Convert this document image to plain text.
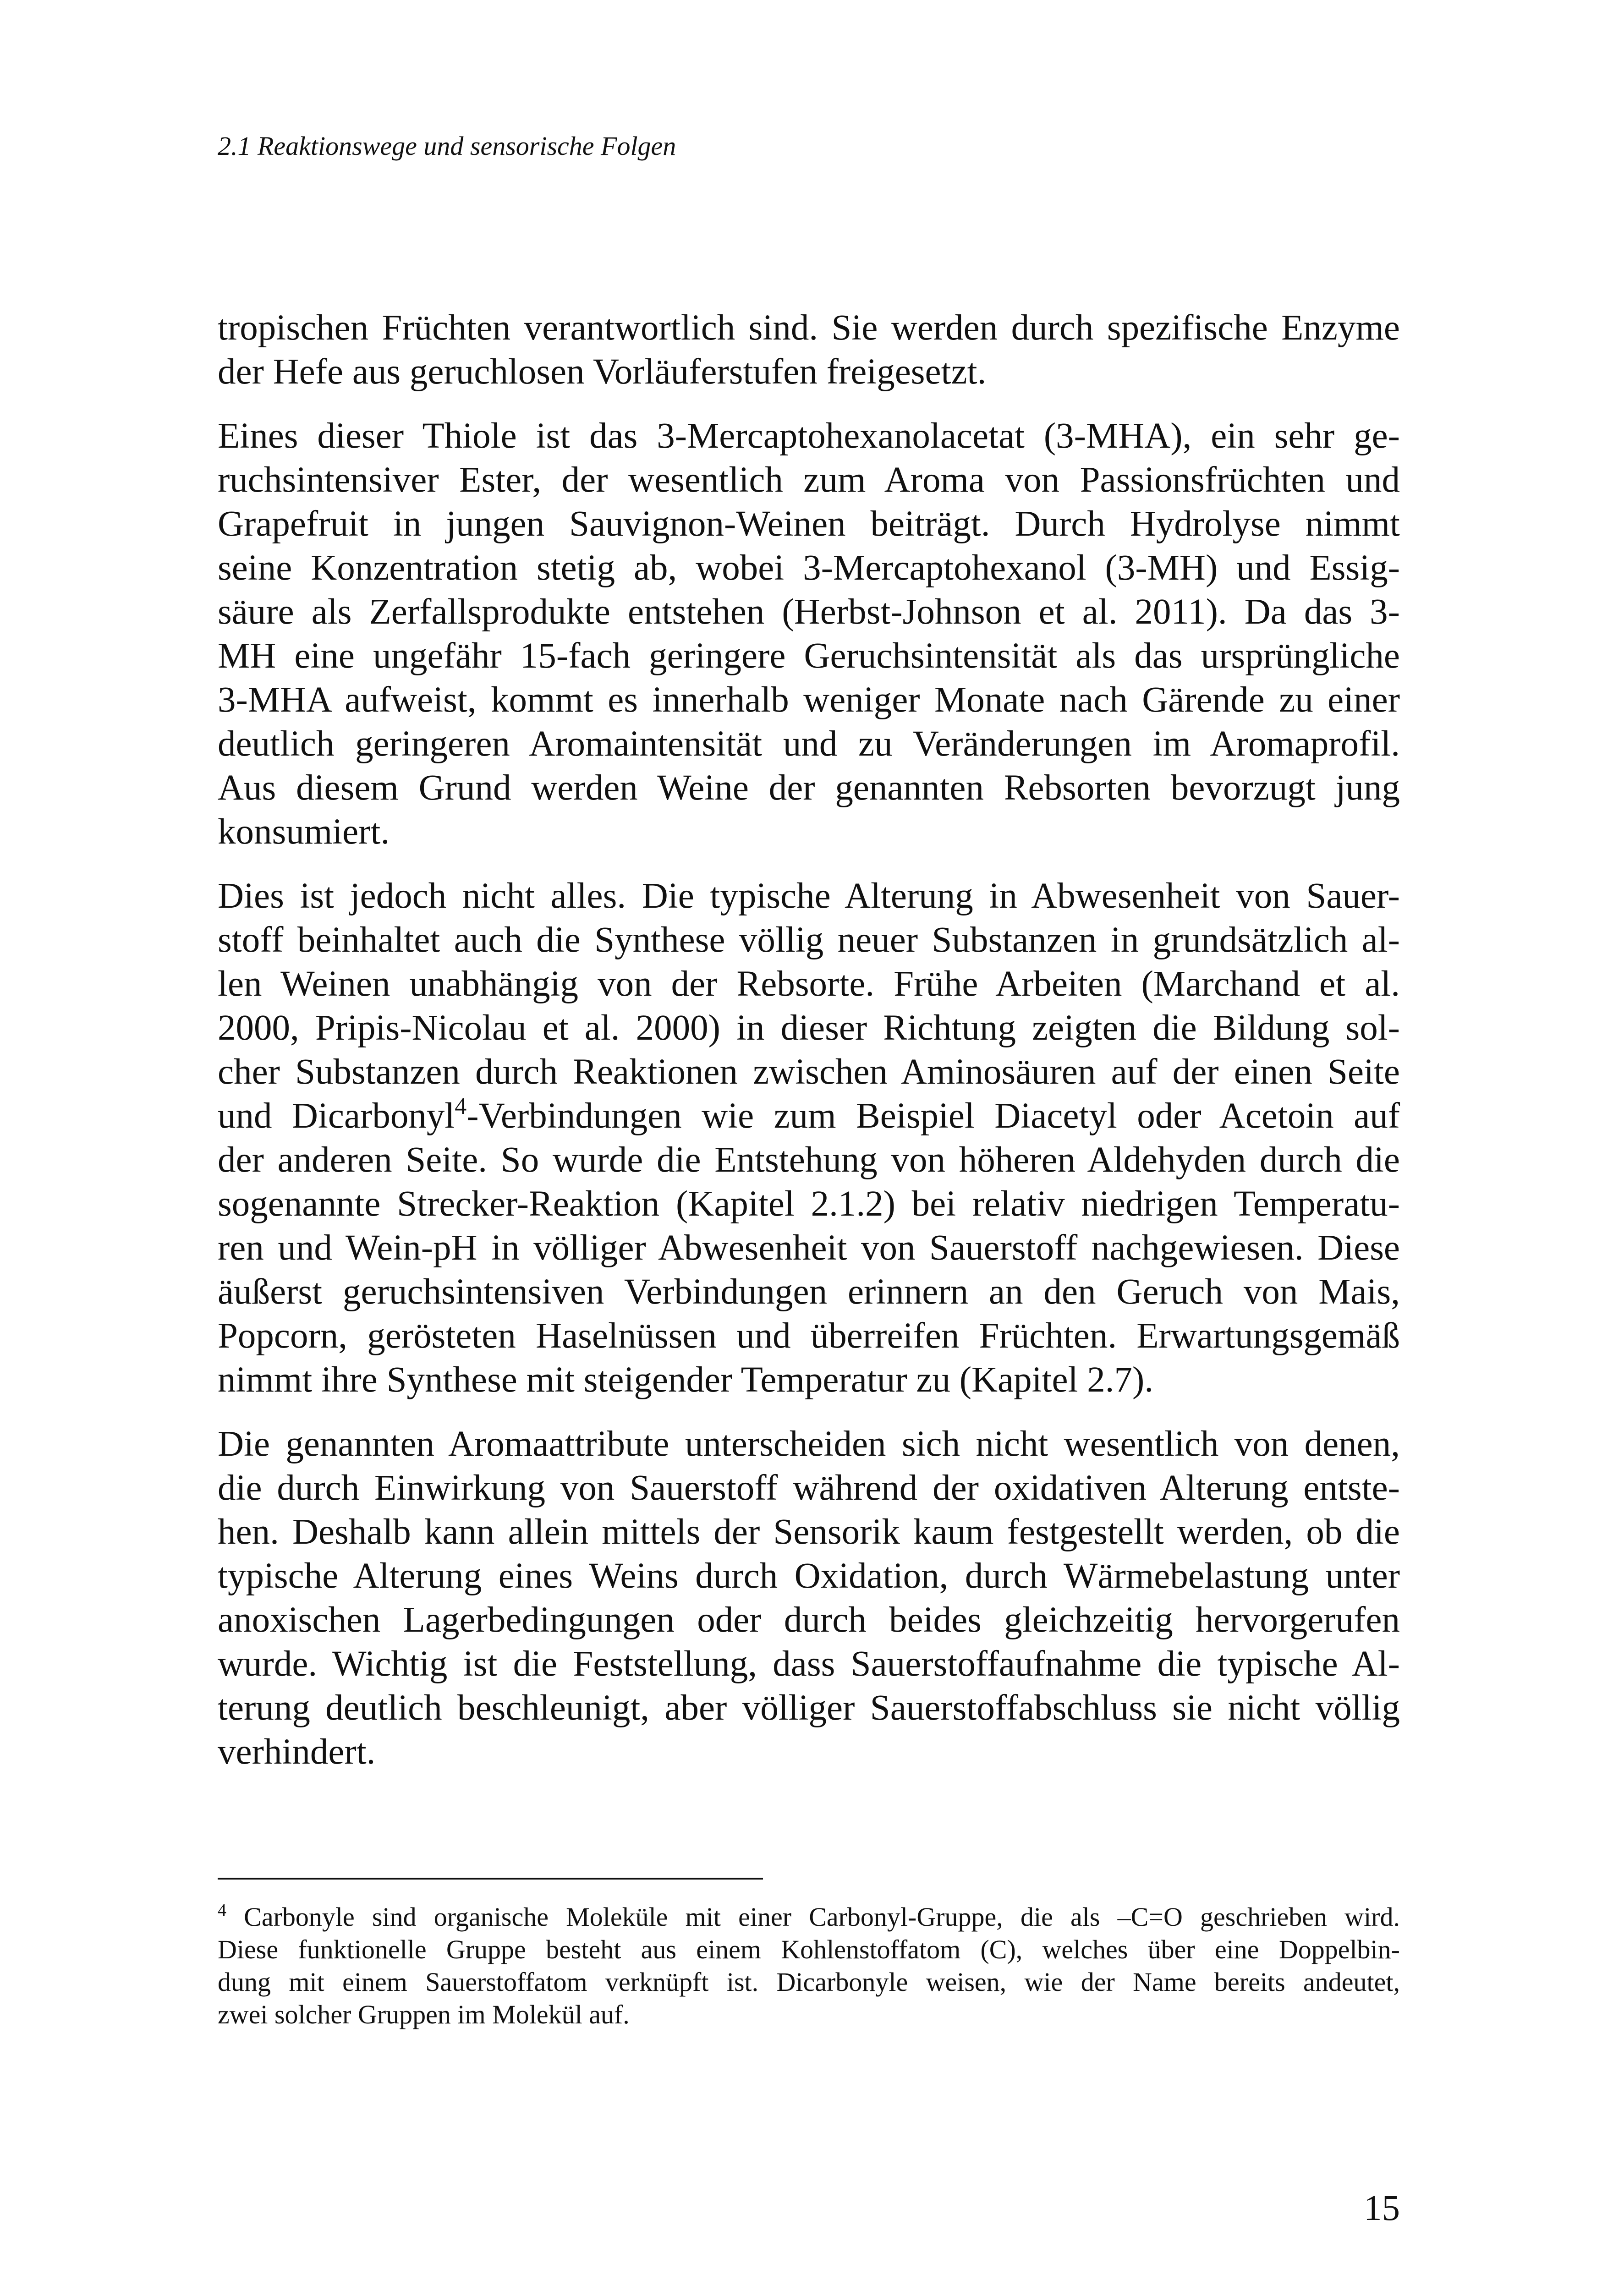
2.1 Reaktionswege und sensorische Folgen
tropischen Früchten verantwortlich sind. Sie werden durch spezifische Enzyme
der Hefe aus geruchlosen Vorläuferstufen freigesetzt.
Eines dieser Thiole ist das 3-Mercaptohexanolacetat (3-MHA), ein sehr ge-
ruchsintensiver Ester, der wesentlich zum Aroma von Passionsfrüchten und
Grapefruit in jungen Sauvignon-Weinen beiträgt. Durch Hydrolyse nimmt
seine Konzentration stetig ab, wobei 3-Mercaptohexanol (3-MH) und Essig-
säure als Zerfallsprodukte entstehen (Herbst-Johnson et al. 2011). Da das 3-
MH eine ungefähr 15-fach geringere Geruchsintensität als das ursprüngliche
3-MHA aufweist, kommt es innerhalb weniger Monate nach Gärende zu einer
deutlich geringeren Aromaintensität und zu Veränderungen im Aromaprofil.
Aus diesem Grund werden Weine der genannten Rebsorten bevorzugt jung
konsumiert.
Dies ist jedoch nicht alles. Die typische Alterung in Abwesenheit von Sauer-
stoff beinhaltet auch die Synthese völlig neuer Substanzen in grundsätzlich al-
len Weinen unabhängig von der Rebsorte. Frühe Arbeiten (Marchand et al.
2000, Pripis-Nicolau et al. 2000) in dieser Richtung zeigten die Bildung sol-
cher Substanzen durch Reaktionen zwischen Aminosäuren auf der einen Seite
und Dicarbonyl$^4$-Verbindungen wie zum Beispiel Diacetyl oder Acetoin auf
der anderen Seite. So wurde die Entstehung von höheren Aldehyden durch die
sogenannte Strecker-Reaktion (Kapitel 2.1.2) bei relativ niedrigen Temperatu-
ren und Wein-pH in völliger Abwesenheit von Sauerstoff nachgewiesen. Diese
äußerst geruchsintensiven Verbindungen erinnern an den Geruch von Mais,
Popcorn, gerösteten Haselnüssen und überreifen Früchten. Erwartungsgemäß
nimmt ihre Synthese mit steigender Temperatur zu (Kapitel 2.7).
Die genannten Aromaattribute unterscheiden sich nicht wesentlich von denen,
die durch Einwirkung von Sauerstoff während der oxidativen Alterung entste-
hen. Deshalb kann allein mittels der Sensorik kaum festgestellt werden, ob die
typische Alterung eines Weins durch Oxidation, durch Wärmebelastung unter
anoxischen Lagerbedingungen oder durch beides gleichzeitig hervorgerufen
wurde. Wichtig ist die Feststellung, dass Sauerstoffaufnahme die typische Al-
terung deutlich beschleunigt, aber völliger Sauerstoffabschluss sie nicht völlig
verhindert.
$^4$ Carbonyle sind organische Moleküle mit einer Carbonyl-Gruppe, die als –C=O geschrieben wird.
Diese funktionelle Gruppe besteht aus einem Kohlenstoffatom (C), welches über eine Doppelbin-
dung mit einem Sauerstoffatom verknüpft ist. Dicarbonyle weisen, wie der Name bereits andeutet,
zwei solcher Gruppen im Molekül auf.
15
